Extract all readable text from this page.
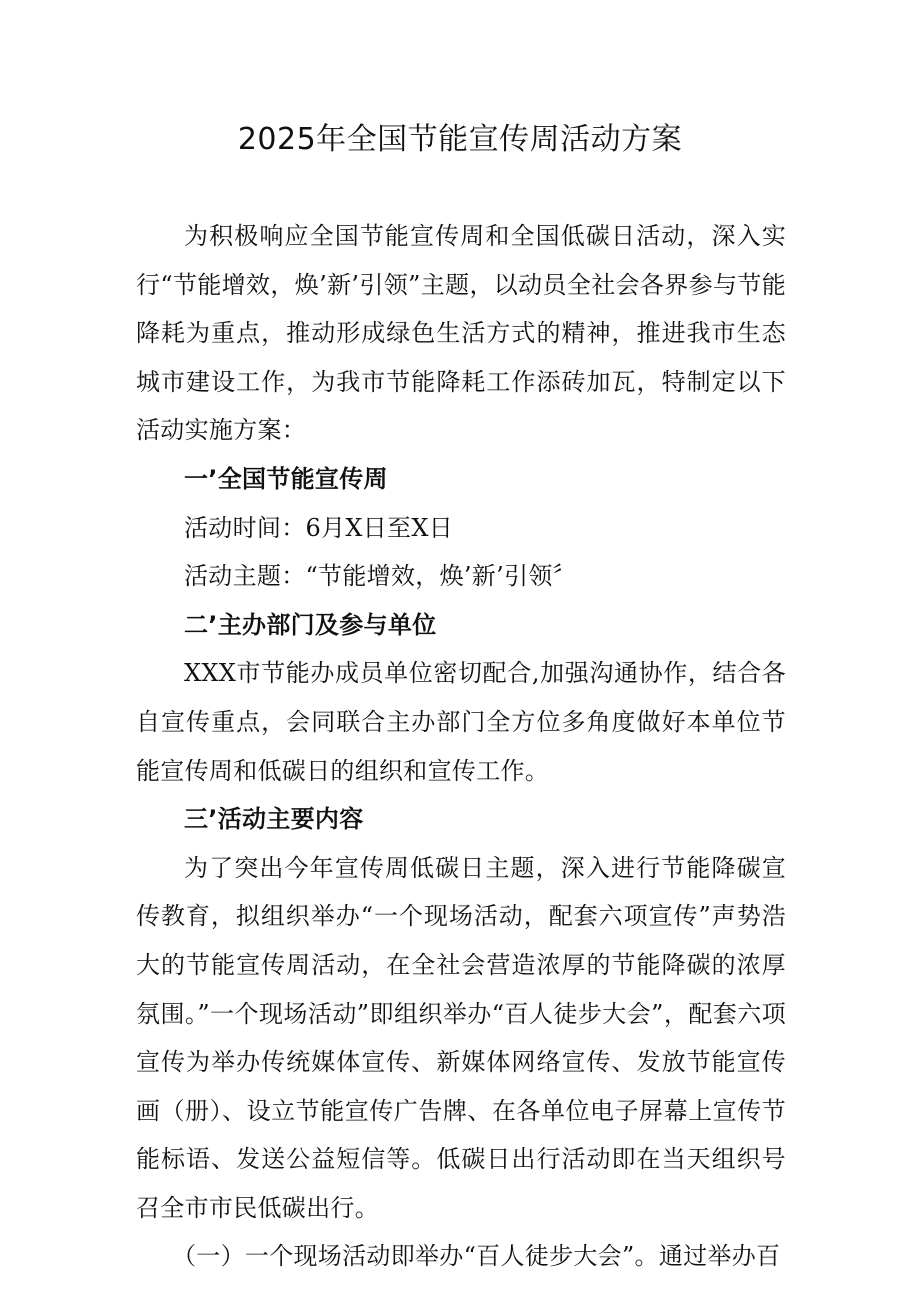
2025年全国节能宣传周活动方案

为积极响应全国节能宣传周和全国低碳日活动，深入实行“节能增效，焕’新’引领”主题，以动员全社会各界参与节能降耗为重点，推动形成绿色生活方式的精神，推进我市生态城市建设工作，为我市节能降耗工作添砖加瓦，特制定以下活动实施方案：

一’全国节能宣传周

活动时间：6月X日至X日

活动主题：“节能增效，焕’新’引领〞

二’主办部门及参与单位

XXX市节能办成员单位密切配合,加强沟通协作，结合各自宣传重点，会同联合主办部门全方位多角度做好本单位节能宣传周和低碳日的组织和宣传工作。

三’活动主要内容

为了突出今年宣传周低碳日主题，深入进行节能降碳宣传教育，拟组织举办“一个现场活动，配套六项宣传”声势浩大的节能宣传周活动，在全社会营造浓厚的节能降碳的浓厚氛围。”一个现场活动”即组织举办“百人徒步大会”，配套六项宣传为举办传统媒体宣传、新媒体网络宣传、发放节能宣传画（册）、设立节能宣传广告牌、在各单位电子屏幕上宣传节能标语、发送公益短信等。低碳日出行活动即在当天组织号召全市市民低碳出行。

（一）一个现场活动即举办“百人徒步大会”。通过举办百
